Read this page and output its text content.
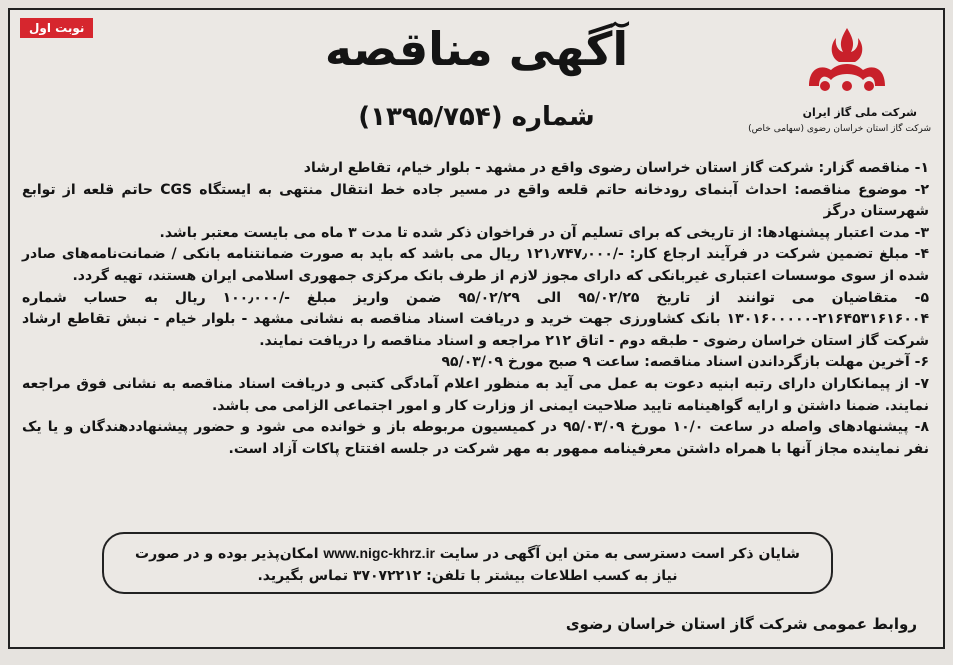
شرکت ملی گاز ایران
شرکت گاز استان خراسان رضوی (سهامی خاص)
آگهی مناقصه
شماره (۱۳۹۵/۷۵۴)
نوبت اول

۱- مناقصه گزار: شرکت گاز استان خراسان رضوی واقع در مشهد - بلوار خیام، تقاطع ارشاد

۲- موضوع مناقصه: احداث آبنمای رودخانه حاتم قلعه واقع در مسیر جاده خط انتقال منتهی به ایستگاه CGS حاتم قلعه از توابع شهرستان درگز

۳- مدت اعتبار پیشنهادها: از تاریخی که برای تسلیم آن در فراخوان ذکر شده تا مدت ۳ ماه می بایست معتبر باشد.

۴- مبلغ تضمین شرکت در فرآیند ارجاع کار: -/۱۲۱٫۷۴۷٫۰۰۰ ریال می باشد که باید به صورت ضمانتنامه بانکی / ضمانت‌نامه‌های صادر شده از سوی موسسات اعتباری غیربانکی که دارای مجوز لازم از طرف بانک مرکزی جمهوری اسلامی ایران هستند، تهیه گردد.

۵- متقاضیان می توانند از تاریخ ۹۵/۰۲/۲۵ الی ۹۵/۰۲/۲۹ ضمن واریز مبلغ -/۱۰۰٫۰۰۰ ریال به حساب شماره ۲۱۶۴۵۳۱۶۱۶۰۰۴-۱۳۰۱۶۰۰۰۰۰ بانک کشاورزی جهت خرید و دریافت اسناد مناقصه به نشانی مشهد - بلوار خیام - نبش تقاطع ارشاد شرکت گاز استان خراسان رضوی - طبقه دوم - اتاق ۲۱۲ مراجعه و اسناد مناقصه را دریافت نمایند.

۶- آخرین مهلت بازگرداندن اسناد مناقصه: ساعت ۹ صبح مورخ ۹۵/۰۳/۰۹

۷- از پیمانکاران دارای رتبه ابنیه دعوت به عمل می آید به منظور اعلام آمادگی کتبی و دریافت اسناد مناقصه به نشانی فوق مراجعه نمایند. ضمنا داشتن و ارایه گواهینامه تایید صلاحیت ایمنی از وزارت کار و امور اجتماعی الزامی می باشد.

۸- پیشنهادهای واصله در ساعت ۱۰/۰ مورخ ۹۵/۰۳/۰۹ در کمیسیون مربوطه باز و خوانده می شود و حضور پیشنهاددهندگان و یا یک نفر نماینده مجاز آنها با همراه داشتن معرفینامه ممهور به مهر شرکت در جلسه افتتاح پاکات آزاد است.

شایان ذکر است دسترسی به متن این آگهی در سایت www.nigc-khrz.ir امکان‌پذیر بوده و در صورت نیاز به کسب اطلاعات بیشتر با تلفن: ۳۷۰۷۲۲۱۲ تماس بگیرید.
روابط عمومی شرکت گاز استان خراسان رضوی
